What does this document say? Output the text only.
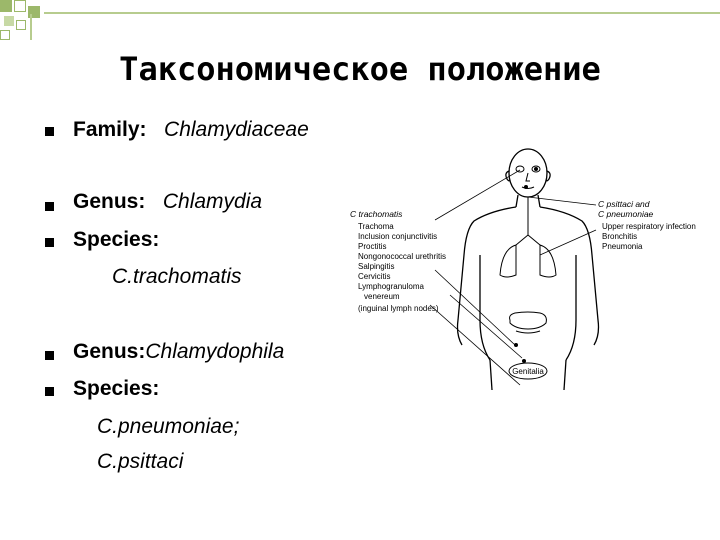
Таксономическое положение
Family: Chlamydiaceae
Genus: Chlamydia
Species:
C.trachomatis
Genus:Chlamydophila
Species:
C.pneumoniae;
C.psittaci
Genitalia
C trachomatis
Trachoma
Inclusion conjunctivitis
Proctitis
Nongonococcal urethritis
Salpingitis
Cervicitis
Lymphogranuloma
venereum
(inguinal lymph nodes)
C psittaci and
C pneumoniae
Upper respiratory infection
Bronchitis
Pneumonia
